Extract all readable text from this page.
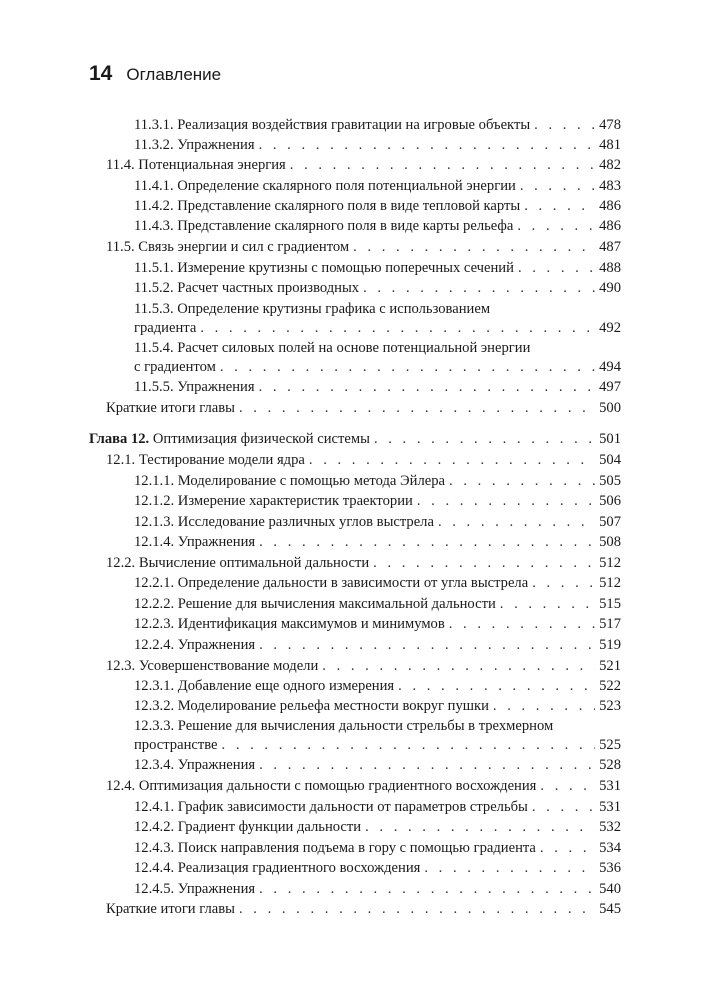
14 Оглавление
11.3.1. Реализация воздействия гравитации на игровые объекты . . .	478
11.3.2. Упражнения . . .	481
11.4. Потенциальная энергия . . .	482
11.4.1. Определение скалярного поля потенциальной энергии . . .	483
11.4.2. Представление скалярного поля в виде тепловой карты . . .	486
11.4.3. Представление скалярного поля в виде карты рельефа . . .	486
11.5. Связь энергии и сил с градиентом . . .	487
11.5.1. Измерение крутизны с помощью поперечных сечений . . .	488
11.5.2. Расчет частных производных . . .	490
11.5.3. Определение крутизны графика с использованием
градиента . . .	492
11.5.4. Расчет силовых полей на основе потенциальной энергии
с градиентом . . .	494
11.5.5. Упражнения . . .	497
Краткие итоги главы . . .	500
Глава 12. Оптимизация физической системы . . .	501
12.1. Тестирование модели ядра . . .	504
12.1.1. Моделирование с помощью метода Эйлера . . .	505
12.1.2. Измерение характеристик траектории . . .	506
12.1.3. Исследование различных углов выстрела . . .	507
12.1.4. Упражнения . . .	508
12.2. Вычисление оптимальной дальности . . .	512
12.2.1. Определение дальности в зависимости от угла выстрела . . .	512
12.2.2. Решение для вычисления максимальной дальности . . .	515
12.2.3. Идентификация максимумов и минимумов . . .	517
12.2.4. Упражнения . . .	519
12.3. Усовершенствование модели . . .	521
12.3.1. Добавление еще одного измерения . . .	522
12.3.2. Моделирование рельефа местности вокруг пушки . . .	523
12.3.3. Решение для вычисления дальности стрельбы в трехмерном
пространстве . . .	525
12.3.4. Упражнения . . .	528
12.4. Оптимизация дальности с помощью градиентного восхождения . . .	531
12.4.1. График зависимости дальности от параметров стрельбы . . .	531
12.4.2. Градиент функции дальности . . .	532
12.4.3. Поиск направления подъема в гору с помощью градиента . . .	534
12.4.4. Реализация градиентного восхождения . . .	536
12.4.5. Упражнения . . .	540
Краткие итоги главы . . .	545
